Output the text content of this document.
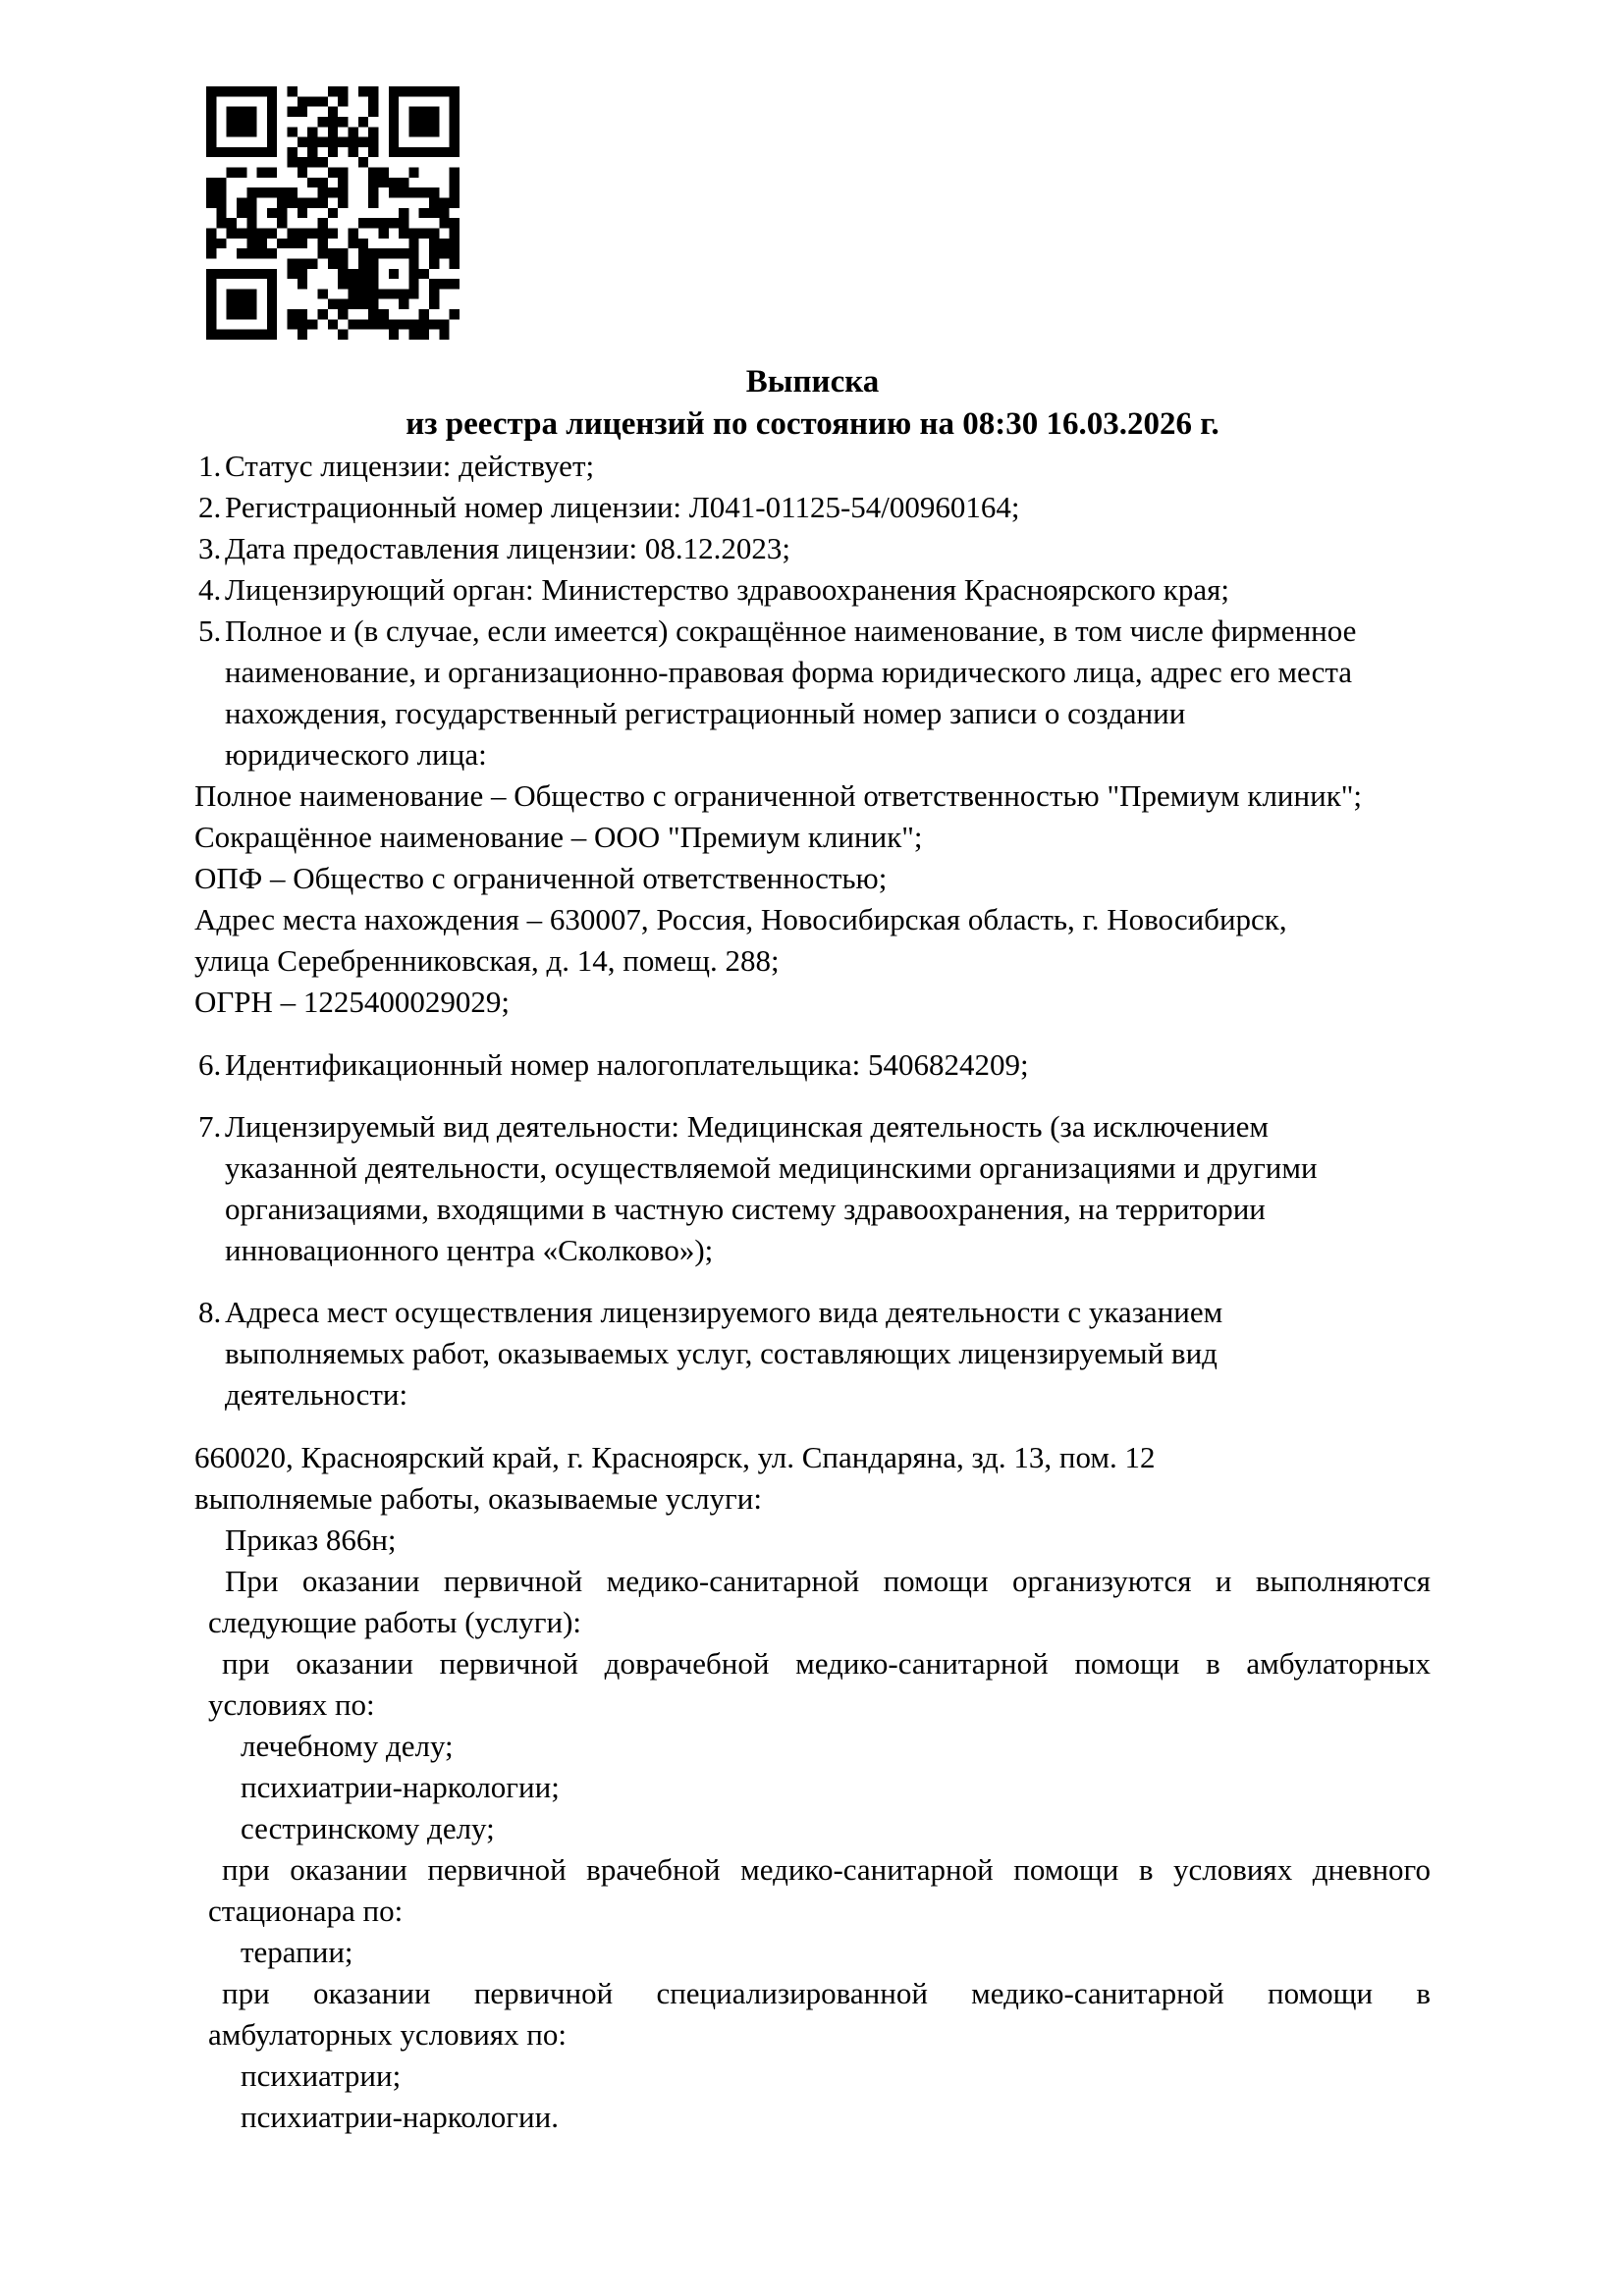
Выписка
из реестра лицензий по состоянию на 08:30 16.03.2026 г.
1. Статус лицензии: действует;
2. Регистрационный номер лицензии: Л041-01125-54/00960164;
3. Дата предоставления лицензии: 08.12.2023;
4. Лицензирующий орган: Министерство здравоохранения Красноярского края;
5. Полное и (в случае, если имеется) сокращённое наименование, в том числе фирменное
наименование, и организационно-правовая форма юридического лица, адрес его места
нахождения, государственный регистрационный номер записи о создании
юридического лица:
Полное наименование – Общество с ограниченной ответственностью "Премиум клиник";
Сокращённое наименование – ООО "Премиум клиник";
ОПФ – Общество с ограниченной ответственностью;
Адрес места нахождения – 630007, Россия, Новосибирская область, г. Новосибирск,
улица Серебренниковская, д. 14, помещ. 288;
ОГРН – 1225400029029;
6. Идентификационный номер налогоплательщика: 5406824209;
7. Лицензируемый вид деятельности: Медицинская деятельность (за исключением
указанной деятельности, осуществляемой медицинскими организациями и другими
организациями, входящими в частную систему здравоохранения, на территории
инновационного центра «Сколково»);
8. Адреса мест осуществления лицензируемого вида деятельности с указанием
выполняемых работ, оказываемых услуг, составляющих лицензируемый вид
деятельности:
660020, Красноярский край, г. Красноярск, ул. Спандаряна, зд. 13, пом. 12
выполняемые работы, оказываемые услуги:
Приказ 866н;
При оказании первичной медико-санитарной помощи организуются и выполняются
следующие работы (услуги):
при оказании первичной доврачебной медико-санитарной помощи в амбулаторных
условиях по:
лечебному делу;
психиатрии-наркологии;
сестринскому делу;
при оказании первичной врачебной медико-санитарной помощи в условиях дневного
стационара по:
терапии;
при оказании первичной специализированной медико-санитарной помощи в
амбулаторных условиях по:
психиатрии;
психиатрии-наркологии.
